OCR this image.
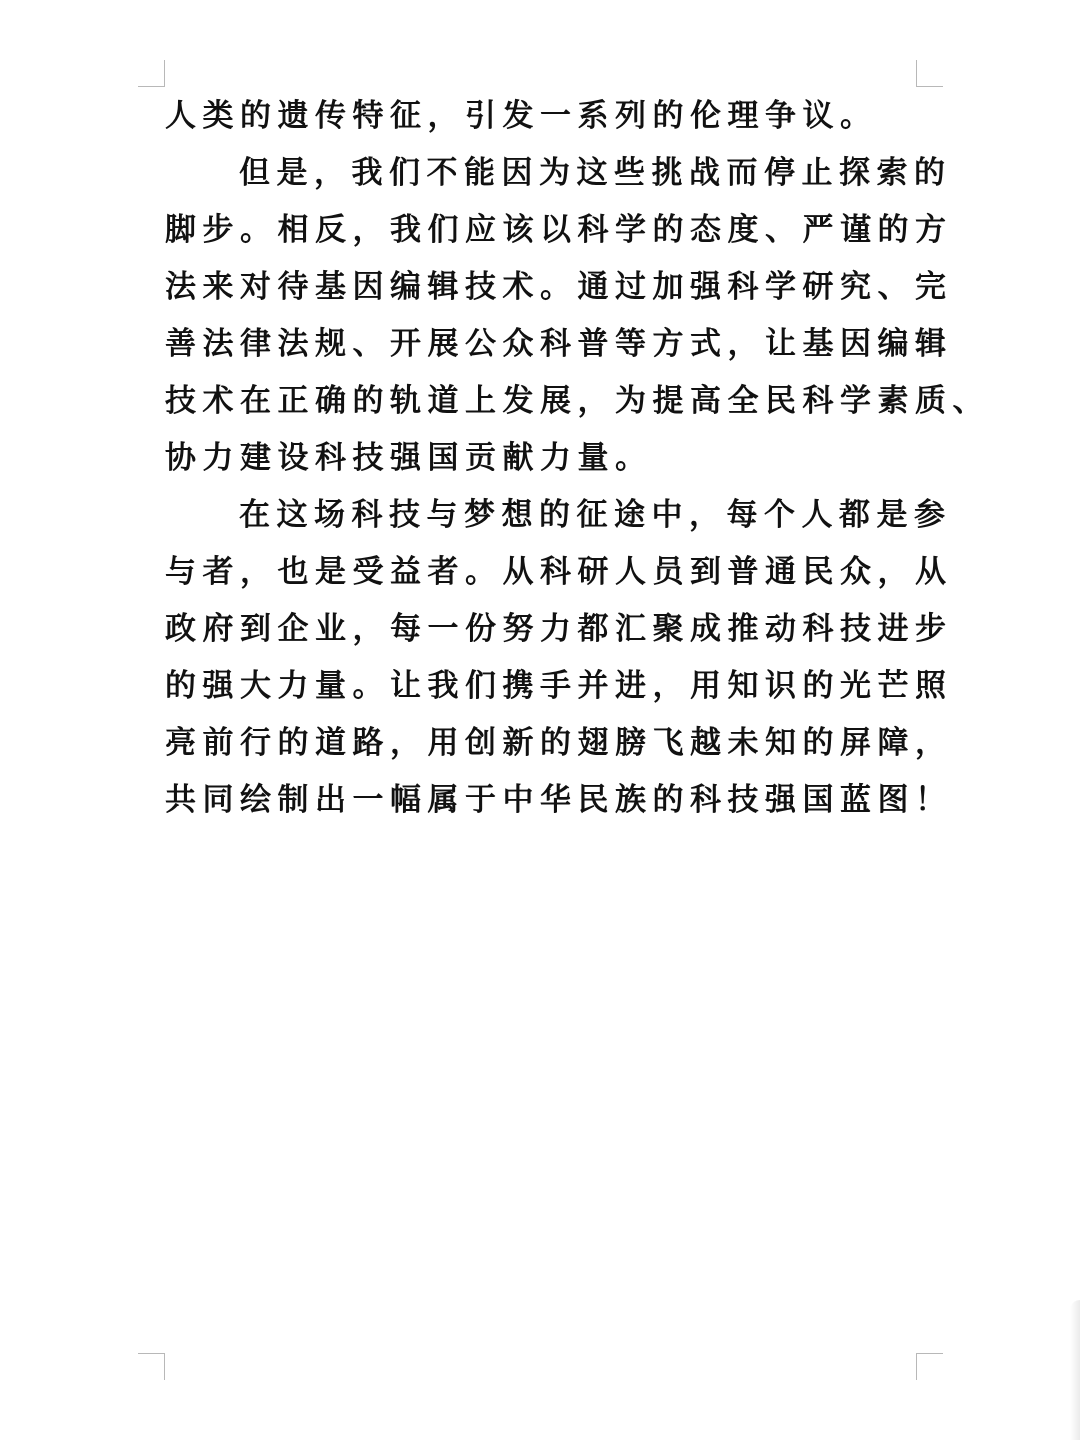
人类的遗传特征，引发一系列的伦理争议。
但是，我们不能因为这些挑战而停止探索的
脚步。相反，我们应该以科学的态度、严谨的方
法来对待基因编辑技术。通过加强科学研究、完
善法律法规、开展公众科普等方式，让基因编辑
技术在正确的轨道上发展，为提高全民科学素质、
协力建设科技强国贡献力量。
在这场科技与梦想的征途中，每个人都是参
与者，也是受益者。从科研人员到普通民众，从
政府到企业，每一份努力都汇聚成推动科技进步
的强大力量。让我们携手并进，用知识的光芒照
亮前行的道路，用创新的翅膀飞越未知的屏障，
共同绘制出一幅属于中华民族的科技强国蓝图！
